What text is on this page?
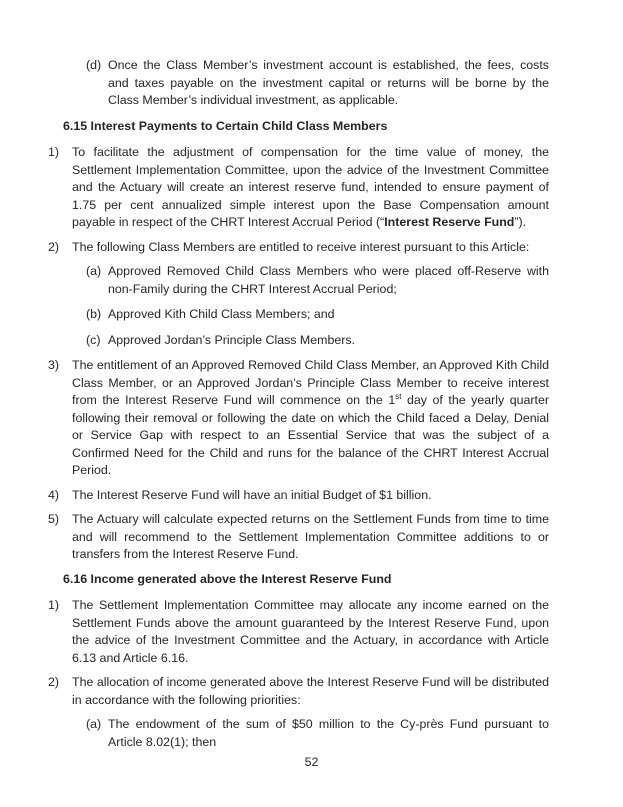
(d) Once the Class Member’s investment account is established, the fees, costs and taxes payable on the investment capital or returns will be borne by the Class Member’s individual investment, as applicable.
6.15 Interest Payments to Certain Child Class Members
1)	To facilitate the adjustment of compensation for the time value of money, the Settlement Implementation Committee, upon the advice of the Investment Committee and the Actuary will create an interest reserve fund, intended to ensure payment of 1.75 per cent annualized simple interest upon the Base Compensation amount payable in respect of the CHRT Interest Accrual Period (“Interest Reserve Fund”).
2)	The following Class Members are entitled to receive interest pursuant to this Article:
(a) Approved Removed Child Class Members who were placed off-Reserve with non-Family during the CHRT Interest Accrual Period;
(b) Approved Kith Child Class Members; and
(c) Approved Jordan’s Principle Class Members.
3)	The entitlement of an Approved Removed Child Class Member, an Approved Kith Child Class Member, or an Approved Jordan’s Principle Class Member to receive interest from the Interest Reserve Fund will commence on the 1st day of the yearly quarter following their removal or following the date on which the Child faced a Delay, Denial or Service Gap with respect to an Essential Service that was the subject of a Confirmed Need for the Child and runs for the balance of the CHRT Interest Accrual Period.
4)	The Interest Reserve Fund will have an initial Budget of $1 billion.
5)	The Actuary will calculate expected returns on the Settlement Funds from time to time and will recommend to the Settlement Implementation Committee additions to or transfers from the Interest Reserve Fund.
6.16 Income generated above the Interest Reserve Fund
1)	The Settlement Implementation Committee may allocate any income earned on the Settlement Funds above the amount guaranteed by the Interest Reserve Fund, upon the advice of the Investment Committee and the Actuary, in accordance with Article 6.13 and Article 6.16.
2)	The allocation of income generated above the Interest Reserve Fund will be distributed in accordance with the following priorities:
(a) The endowment of the sum of $50 million to the Cy-près Fund pursuant to Article 8.02(1); then
52
